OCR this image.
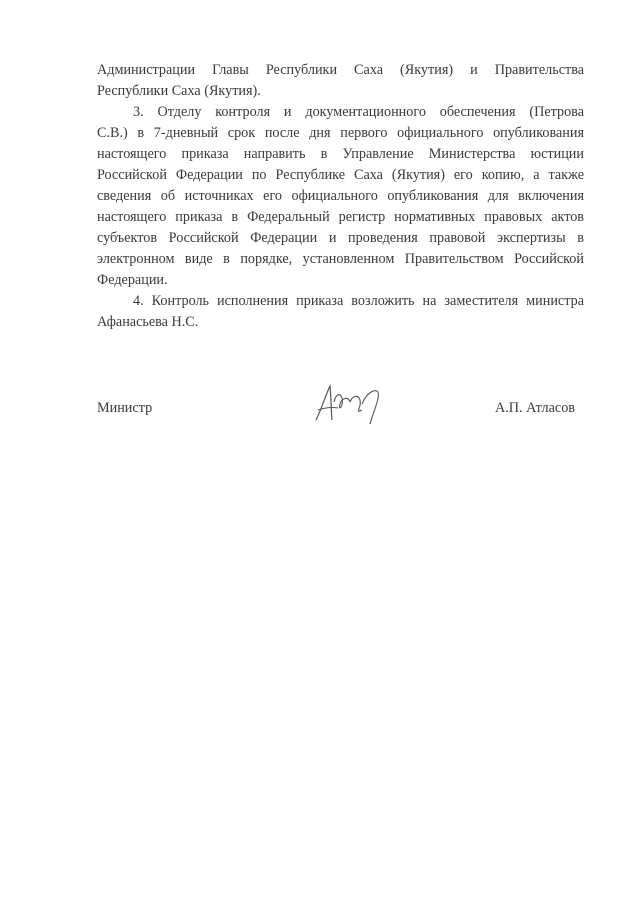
Администрации Главы Республики Саха (Якутия) и Правительства
Республики Саха (Якутия).
3. Отделу контроля и документационного обеспечения (Петрова
С.В.) в 7-дневный срок после дня первого официального опубликования
настоящего приказа направить в Управление Министерства юстиции
Российской Федерации по Республике Саха (Якутия) его копию, а также
сведения об источниках его официального опубликования для включения
настоящего приказа в Федеральный регистр нормативных правовых актов
субъектов Российской Федерации и проведения правовой экспертизы в
электронном виде в порядке, установленном Правительством Российской
Федерации.
4. Контроль исполнения приказа возложить на заместителя министра
Афанасьева Н.С.
Министр	А.П. Атласов
